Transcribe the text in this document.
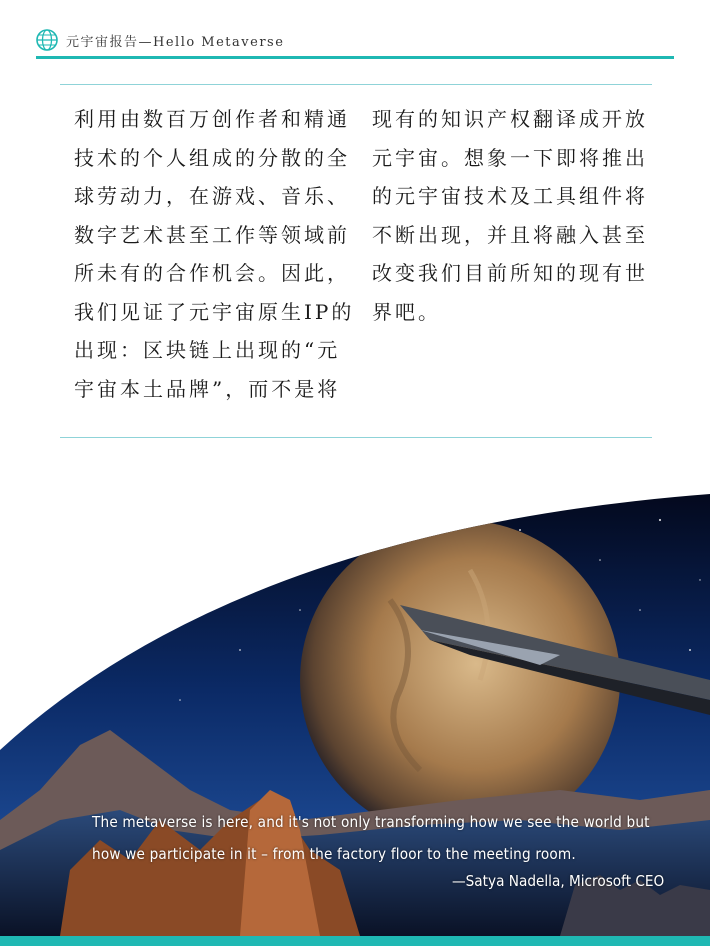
元宇宙报告—Hello Metaverse
利用由数百万创作者和精通技术的个人组成的分散的全球劳动力，在游戏、音乐、数字艺术甚至工作等领域前所未有的合作机会。因此，我们见证了元宇宙原生IP的出现：区块链上出现的“元宇宙本土品牌”，而不是将
现有的知识产权翻译成开放元宇宙。想象一下即将推出的元宇宙技术及工具组件将不断出现，并且将融入甚至改变我们目前所知的现有世界吧。
The metaverse is here, and it's not only transforming how we see the world but
how we participate in it – from the factory floor to the meeting room.
—Satya Nadella, Microsoft CEO
